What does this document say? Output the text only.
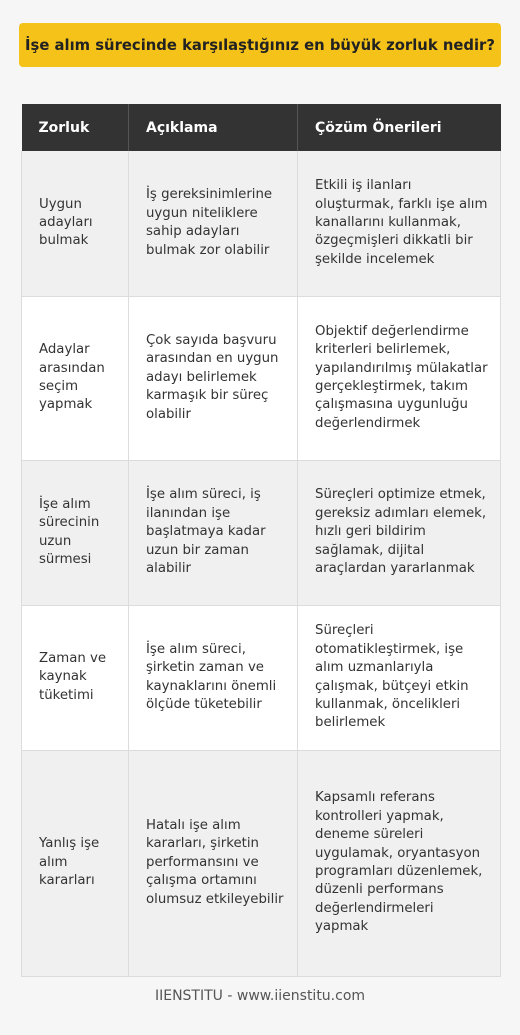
İşe alım sürecinde karşılaştığınız en büyük zorluk nedir?
Zorluk	Açıklama	Çözüm Önerileri
Uygun adayları bulmak	İş gereksinimlerine uygun niteliklere sahip adayları bulmak zor olabilir	Etkili iş ilanları oluşturmak, farklı işe alım kanallarını kullanmak, özgeçmişleri dikkatli bir şekilde incelemek
Adaylar arasından seçim yapmak	Çok sayıda başvuru arasından en uygun adayı belirlemek karmaşık bir süreç olabilir	Objektif değerlendirme kriterleri belirlemek, yapılandırılmış mülakatlar gerçekleştirmek, takım çalışmasına uygunluğu değerlendirmek
İşe alım sürecinin uzun sürmesi	İşe alım süreci, iş ilanından işe başlatmaya kadar uzun bir zaman alabilir	Süreçleri optimize etmek, gereksiz adımları elemek, hızlı geri bildirim sağlamak, dijital araçlardan yararlanmak
Zaman ve kaynak tüketimi	İşe alım süreci, şirketin zaman ve kaynaklarını önemli ölçüde tüketebilir	Süreçleri otomatikleştirmek, işe alım uzmanlarıyla çalışmak, bütçeyi etkin kullanmak, öncelikleri belirlemek
Yanlış işe alım kararları	Hatalı işe alım kararları, şirketin performansını ve çalışma ortamını olumsuz etkileyebilir	Kapsamlı referans kontrolleri yapmak, deneme süreleri uygulamak, oryantasyon programları düzenlemek, düzenli performans değerlendirmeleri yapmak
IIENSTITU - www.iienstitu.com
